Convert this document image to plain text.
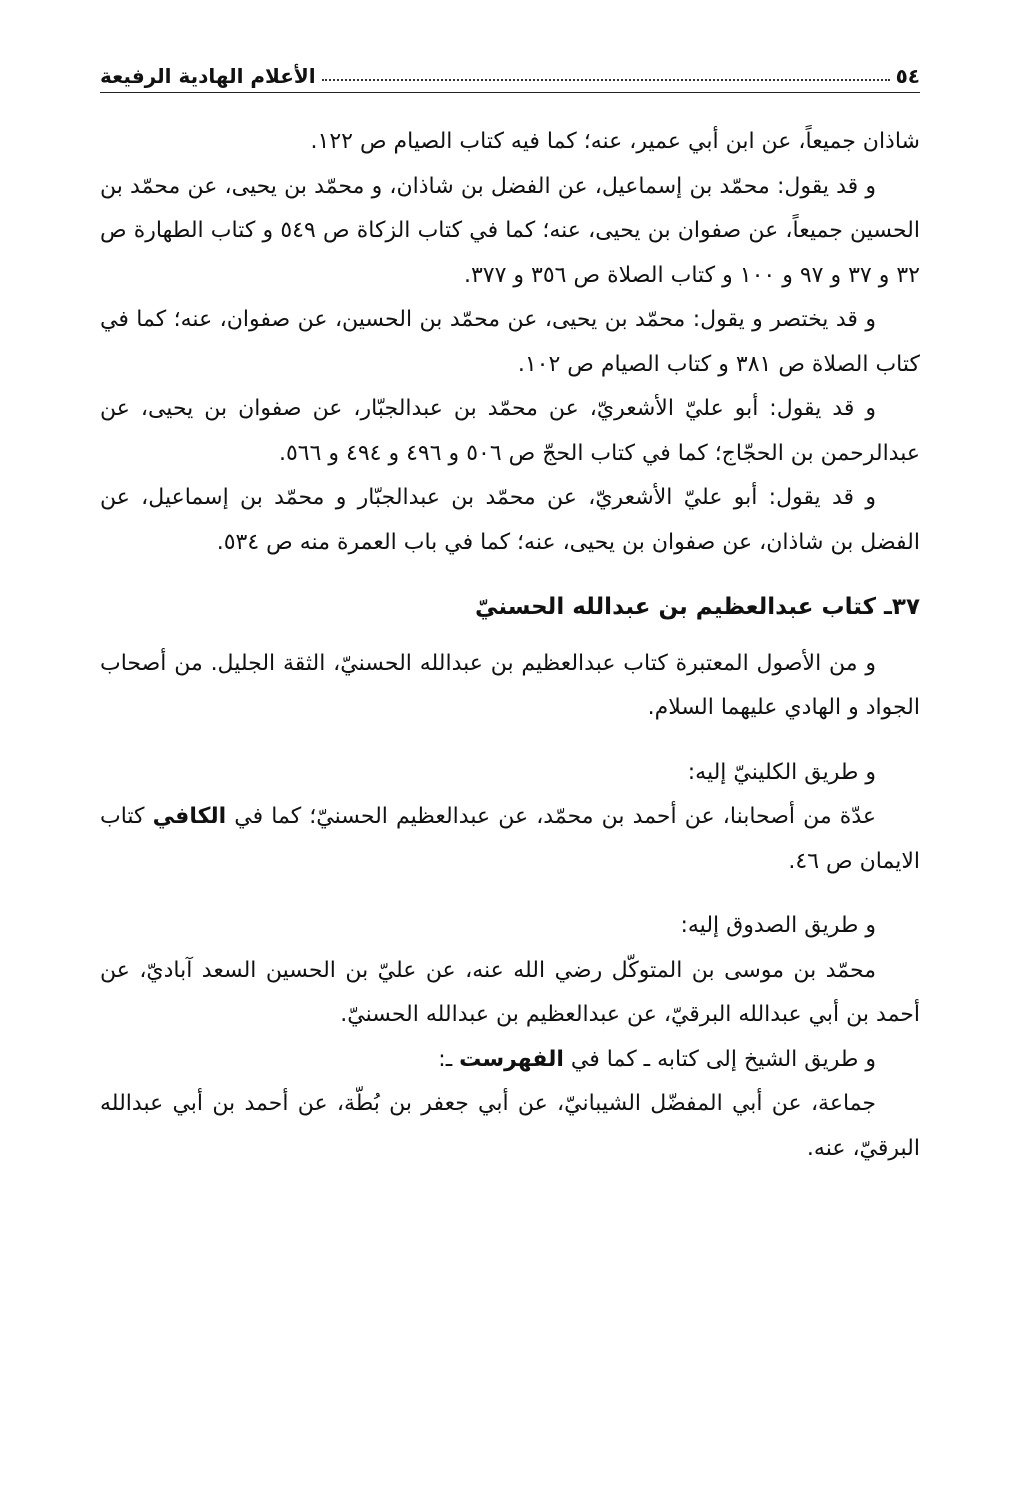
٥٤
الأعلام الهادية الرفيعة

شاذان جميعاً، عن ابن أبي عمير، عنه؛ كما فيه كتاب الصيام ص ١٢٢.

و قد يقول: محمّد بن إسماعيل، عن الفضل بن شاذان، و محمّد بن يحيى، عن محمّد بن الحسين جميعاً، عن صفوان بن يحيى، عنه؛ كما في كتاب الزكاة ص ٥٤٩ و كتاب الطهارة ص ٣٢ و ٣٧ و ٩٧ و ١٠٠ و كتاب الصلاة ص ٣٥٦ و ٣٧٧.

و قد يختصر و يقول: محمّد بن يحيى، عن محمّد بن الحسين، عن صفوان، عنه؛ كما في كتاب الصلاة ص ٣٨١ و كتاب الصيام ص ١٠٢.

و قد يقول: أبو عليّ الأشعريّ، عن محمّد بن عبدالجبّار، عن صفوان بن يحيى، عن عبدالرحمن بن الحجّاج؛ كما في كتاب الحجّ ص ٥٠٦ و ٤٩٦ و ٤٩٤ و ٥٦٦.

و قد يقول: أبو عليّ الأشعريّ، عن محمّد بن عبدالجبّار و محمّد بن إسماعيل، عن الفضل بن شاذان، عن صفوان بن يحيى، عنه؛ كما في باب العمرة منه ص ٥٣٤.

٣٧ـ كتاب عبدالعظيم بن عبدالله الحسنيّ

و من الأصول المعتبرة كتاب عبدالعظيم بن عبدالله الحسنيّ، الثقة الجليل. من أصحاب الجواد و الهادي عليهما السلام.

و طريق الكلينيّ إليه:

عدّة من أصحابنا، عن أحمد بن محمّد، عن عبدالعظيم الحسنيّ؛ كما في الكافي كتاب الايمان ص ٤٦.

و طريق الصدوق إليه:

محمّد بن موسى بن المتوكّل رضي الله عنه، عن عليّ بن الحسين السعد آباديّ، عن أحمد بن أبي عبدالله البرقيّ، عن عبدالعظيم بن عبدالله الحسنيّ.

و طريق الشيخ إلى كتابه ـ كما في الفهرست ـ:

جماعة، عن أبي المفضّل الشيبانيّ، عن أبي جعفر بن بُطّة، عن أحمد بن أبي عبدالله البرقيّ، عنه.
